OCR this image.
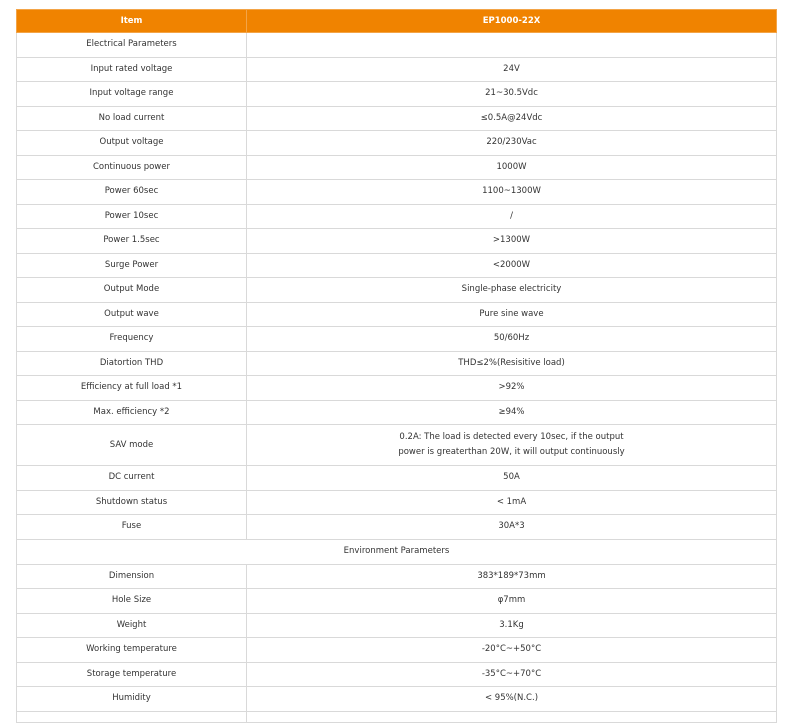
Item	EP1000-22X
Electrical Parameters	
Input rated voltage	24V
Input voltage range	21~30.5Vdc
No load current	≤0.5A@24Vdc
Output voltage	220/230Vac
Continuous power	1000W
Power 60sec	1100~1300W
Power 10sec	/
Power 1.5sec	>1300W
Surge Power	<2000W
Output Mode	Single-phase electricity
Output wave	Pure sine wave
Frequency	50/60Hz
Diatortion THD	THD≤2%(Resisitive load)
Efficiency at full load *1	>92%
Max. efficiency *2	≥94%
SAV mode	0.2A: The load is detected every 10sec, if the output
power is greaterthan 20W, it will output continuously

DC current	50A
Shutdown status	< 1mA
Fuse	30A*3
Environment Parameters	
Dimension	383*189*73mm
Hole Size	φ7mm
Weight	3.1Kg
Working temperature	-20°C~+50°C
Storage temperature	-35°C~+70°C
Humidity	< 95%(N.C.)
